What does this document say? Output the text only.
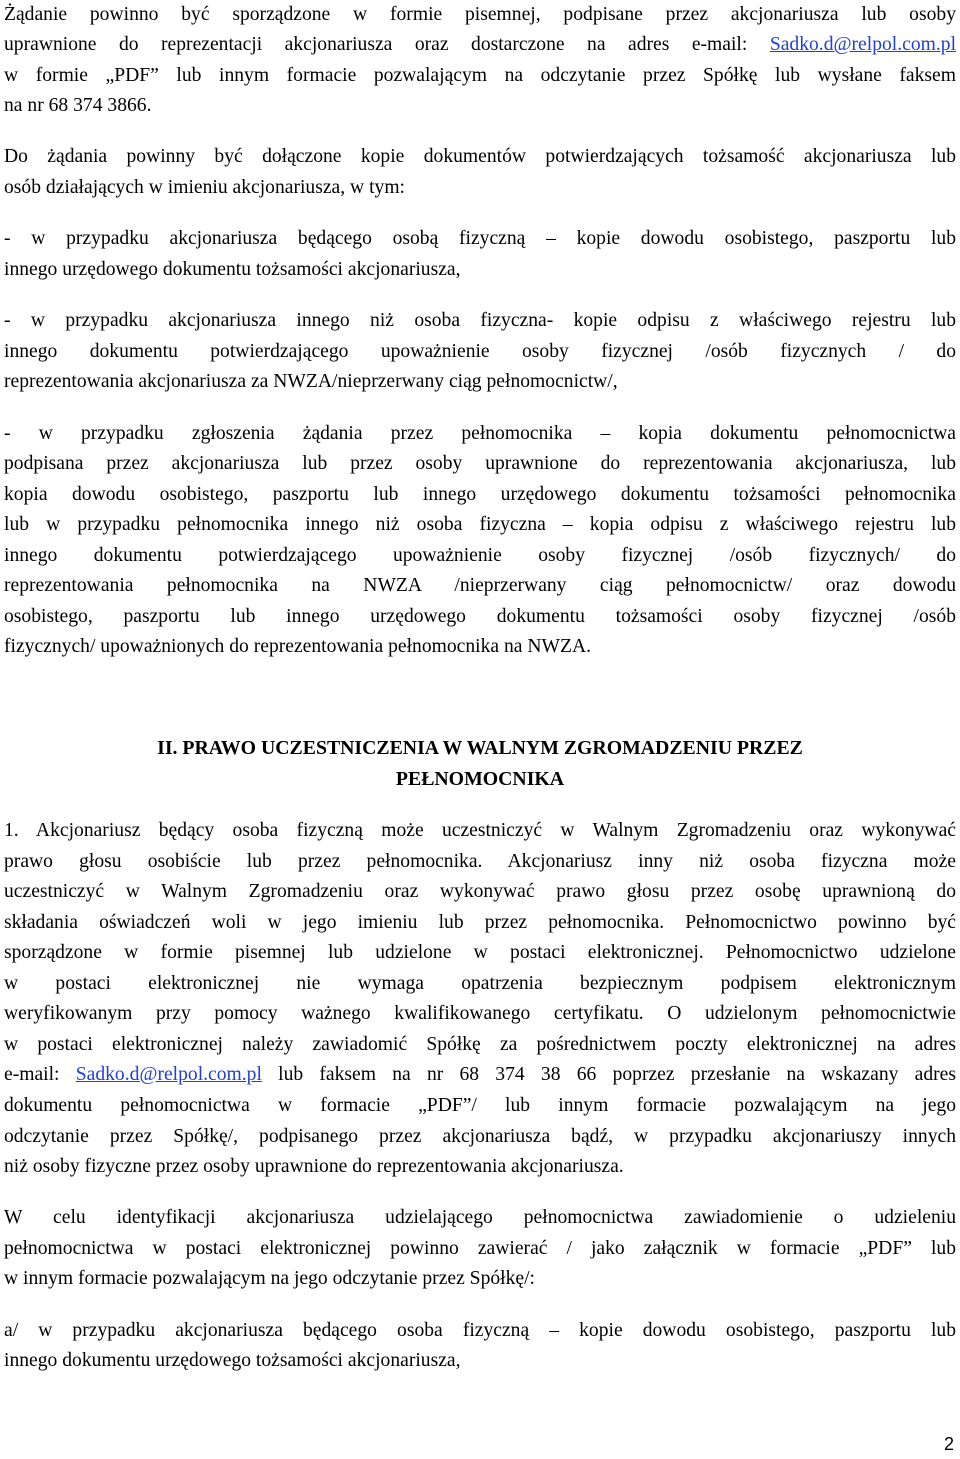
Żądanie powinno być sporządzone w formie pisemnej, podpisane przez akcjonariusza lub osoby
uprawnione do reprezentacji akcjonariusza oraz dostarczone na adres e-mail: Sadko.d@relpol.com.pl
w formie „PDF” lub innym formacie pozwalającym na odczytanie przez Spółkę lub wysłane faksem
na nr 68 374 3866.
Do żądania powinny być dołączone kopie dokumentów potwierdzających tożsamość akcjonariusza lub
osób działających w imieniu akcjonariusza, w tym:
- w przypadku akcjonariusza będącego osobą fizyczną – kopie dowodu osobistego, paszportu lub
innego urzędowego dokumentu tożsamości akcjonariusza,
- w przypadku akcjonariusza innego niż osoba fizyczna- kopie odpisu z właściwego rejestru lub
innego dokumentu potwierdzającego upoważnienie osoby fizycznej /osób fizycznych / do
reprezentowania akcjonariusza za NWZA/nieprzerwany ciąg pełnomocnictw/,
- w przypadku zgłoszenia żądania przez pełnomocnika – kopia dokumentu pełnomocnictwa
podpisana przez akcjonariusza lub przez osoby uprawnione do reprezentowania akcjonariusza, lub
kopia dowodu osobistego, paszportu lub innego urzędowego dokumentu tożsamości pełnomocnika
lub w przypadku pełnomocnika innego niż osoba fizyczna – kopia odpisu z właściwego rejestru lub
innego dokumentu potwierdzającego upoważnienie osoby fizycznej /osób fizycznych/ do
reprezentowania pełnomocnika na NWZA /nieprzerwany ciąg pełnomocnictw/ oraz dowodu
osobistego, paszportu lub innego urzędowego dokumentu tożsamości osoby fizycznej /osób
fizycznych/ upoważnionych do reprezentowania pełnomocnika na NWZA.
II. PRAWO UCZESTNICZENIA W WALNYM ZGROMADZENIU PRZEZ
PEŁNOMOCNIKA
1. Akcjonariusz będący osoba fizyczną może uczestniczyć w Walnym Zgromadzeniu oraz wykonywać
prawo głosu osobiście lub przez pełnomocnika. Akcjonariusz inny niż osoba fizyczna może
uczestniczyć w Walnym Zgromadzeniu oraz wykonywać prawo głosu przez osobę uprawnioną do
składania oświadczeń woli w jego imieniu lub przez pełnomocnika. Pełnomocnictwo powinno być
sporządzone w formie pisemnej lub udzielone w postaci elektronicznej. Pełnomocnictwo udzielone
w postaci elektronicznej nie wymaga opatrzenia bezpiecznym podpisem elektronicznym
weryfikowanym przy pomocy ważnego kwalifikowanego certyfikatu. O udzielonym pełnomocnictwie
w postaci elektronicznej należy zawiadomić Spółkę za pośrednictwem poczty elektronicznej na adres
e-mail: Sadko.d@relpol.com.pl lub faksem na nr 68 374 38 66 poprzez przesłanie na wskazany adres
dokumentu pełnomocnictwa w formacie „PDF”/ lub innym formacie pozwalającym na jego
odczytanie przez Spółkę/, podpisanego przez akcjonariusza bądź, w przypadku akcjonariuszy innych
niż osoby fizyczne przez osoby uprawnione do reprezentowania akcjonariusza.
W celu identyfikacji akcjonariusza udzielającego pełnomocnictwa zawiadomienie o udzieleniu
pełnomocnictwa w postaci elektronicznej powinno zawierać / jako załącznik w formacie „PDF” lub
w innym formacie pozwalającym na jego odczytanie przez Spółkę/:
a/ w przypadku akcjonariusza będącego osoba fizyczną – kopie dowodu osobistego, paszportu lub
innego dokumentu urzędowego tożsamości akcjonariusza,
2
